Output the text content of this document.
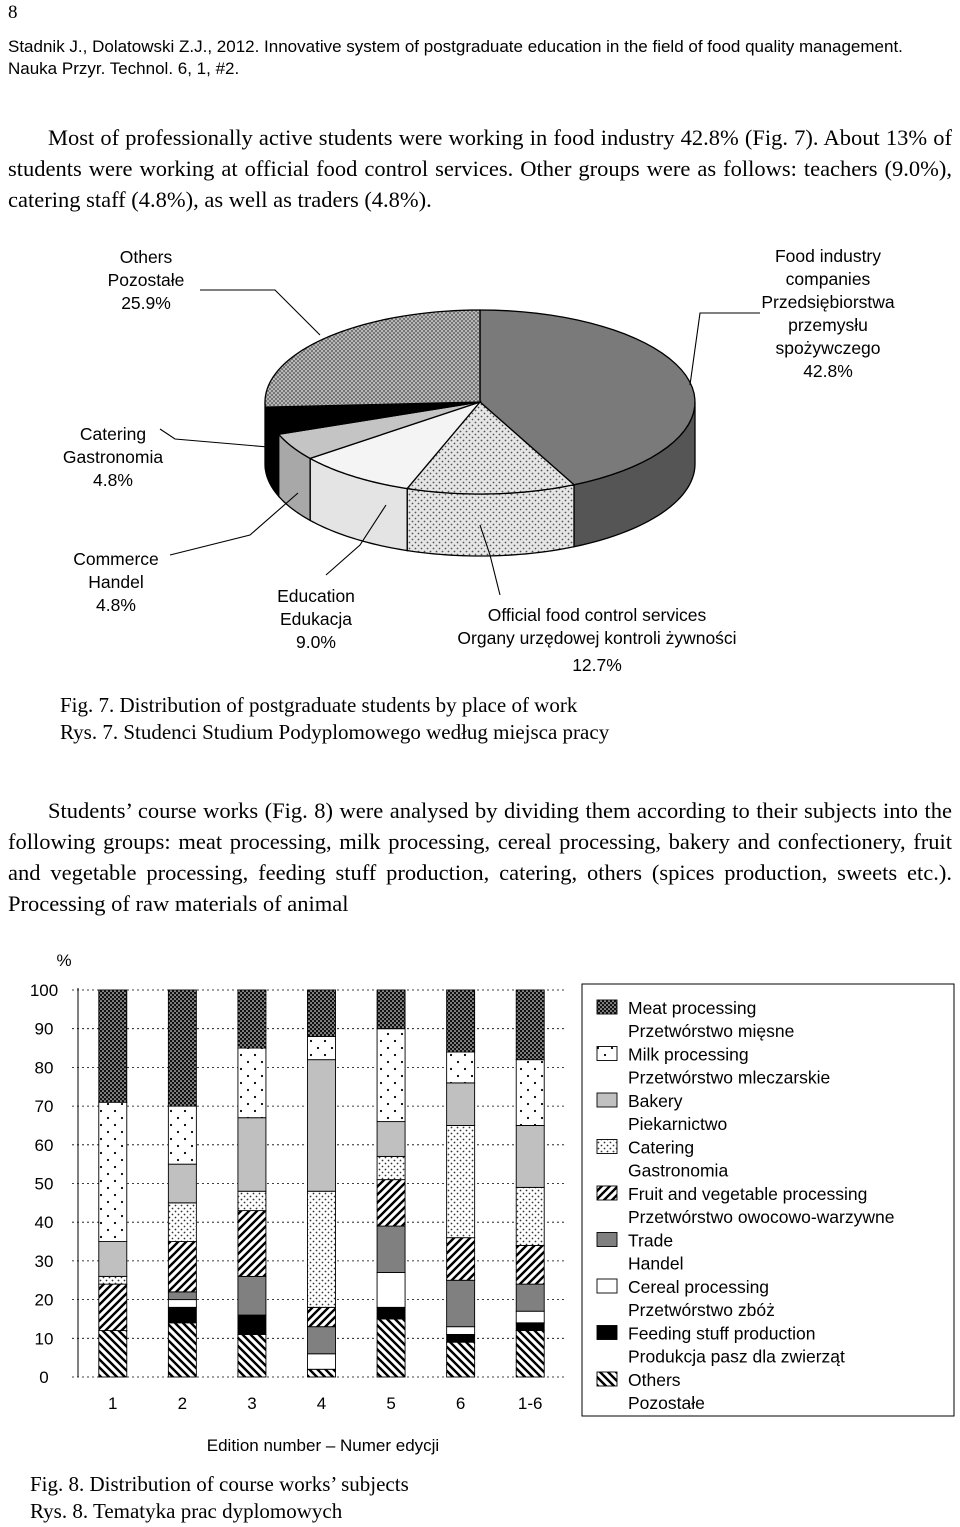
8
Stadnik J., Dolatowski Z.J., 2012. Innovative system of postgraduate education in the field of food quality management. Nauka Przyr. Technol. 6, 1, #2.
Most of professionally active students were working in food industry 42.8% (Fig. 7). About 13% of students were working at official food control services. Other groups were as follows: teachers (9.0%), catering staff (4.8%), as well as traders (4.8%).
Food industry
companies
Przedsiębiorstwa
przemysłu
spożywczego
42.8%
Official food control services
Organy urzędowej kontroli żywności
12.7%
Education
Edukacja
9.0%
Commerce
Handel
4.8%
Catering
Gastronomia
4.8%
Others
Pozostałe
25.9%
Fig. 7. Distribution of postgraduate students by place of work
Rys. 7. Studenci Studium Podyplomowego według miejsca pracy
Students’ course works (Fig. 8) were analysed by dividing them according to their subjects into the following groups: meat processing, milk processing, cereal processing, bakery and confectionery, fruit and vegetable processing, feeding stuff production, catering, others (spices production, sweets etc.). Processing of raw materials of animal
%
0
10
20
30
40
50
60
70
80
90
100
1	2	3	4	5	6	1-6
Edition number – Numer edycji
Meat processing
Przetwórstwo mięsne
Milk processing
Przetwórstwo mleczarskie
Bakery
Piekarnictwo
Catering
Gastronomia
Fruit and vegetable processing
Przetwórstwo owocowo-warzywne
Trade
Handel
Cereal processing
Przetwórstwo zbóż
Feeding stuff production
Produkcja pasz dla zwierząt
Others
Pozostałe
Fig. 8. Distribution of course works’ subjects
Rys. 8. Tematyka prac dyplomowych
